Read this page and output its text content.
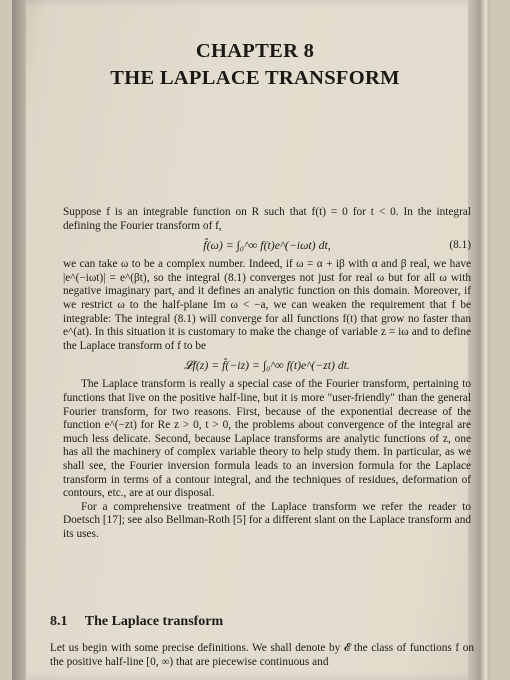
CHAPTER 8
THE LAPLACE TRANSFORM

Suppose f is an integrable function on R such that f(t) = 0 for t < 0. In the integral defining the Fourier transform of f,

f̂(ω) = ∫₀^∞ f(t)e^(−iωt) dt,	(8.1)

we can take ω to be a complex number. Indeed, if ω = α + iβ with α and β real, we have |e^(−iωt)| = e^(βt), so the integral (8.1) converges not just for real ω but for all ω with negative imaginary part, and it defines an analytic function on this domain. Moreover, if we restrict ω to the half-plane Im ω < −a, we can weaken the requirement that f be integrable: The integral (8.1) will converge for all functions f(t) that grow no faster than e^(at). In this situation it is customary to make the change of variable z = iω and to define the Laplace transform of f to be

𝓛f(z) = f̂(−iz) = ∫₀^∞ f(t)e^(−zt) dt.

The Laplace transform is really a special case of the Fourier transform, pertaining to functions that live on the positive half-line, but it is more "user-friendly" than the general Fourier transform, for two reasons. First, because of the exponential decrease of the function e^(−zt) for Re z > 0, t > 0, the problems about convergence of the integral are much less delicate. Second, because Laplace transforms are analytic functions of z, one has all the machinery of complex variable theory to help study them. In particular, as we shall see, the Fourier inversion formula leads to an inversion formula for the Laplace transform in terms of a contour integral, and the techniques of residues, deformation of contours, etc., are at our disposal.

For a comprehensive treatment of the Laplace transform we refer the reader to Doetsch [17]; see also Bellman-Roth [5] for a different slant on the Laplace transform and its uses.

8.1 The Laplace transform

Let us begin with some precise definitions. We shall denote by 𝓔 the class of functions f on the positive half-line [0, ∞) that are piecewise continuous and
